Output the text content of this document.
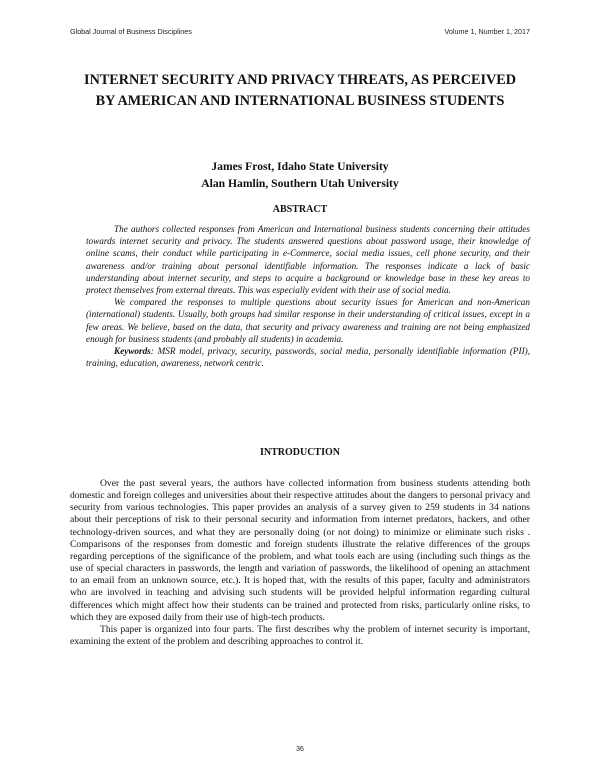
Global Journal of Business Disciplines	Volume 1, Number 1, 2017
INTERNET SECURITY AND PRIVACY THREATS, AS PERCEIVED BY AMERICAN AND INTERNATIONAL BUSINESS STUDENTS
James Frost, Idaho State University
Alan Hamlin, Southern Utah University
ABSTRACT

The authors collected responses from American and International business students concerning their attitudes towards internet security and privacy. The students answered questions about password usage, their knowledge of online scams, their conduct while participating in e-Commerce, social media issues, cell phone security, and their awareness and/or training about personal identifiable information. The responses indicate a lack of basic understanding about internet security, and steps to acquire a background or knowledge base in these key areas to protect themselves from external threats. This was especially evident with their use of social media.

We compared the responses to multiple questions about security issues for American and non-American (international) students. Usually, both groups had similar response in their understanding of critical issues, except in a few areas. We believe, based on the data, that security and privacy awareness and training are not being emphasized enough for business students (and probably all students) in academia.

Keywords: MSR model, privacy, security, passwords, social media, personally identifiable information (PII), training, education, awareness, network centric.

INTRODUCTION

Over the past several years, the authors have collected information from business students attending both domestic and foreign colleges and universities about their respective attitudes about the dangers to personal privacy and security from various technologies. This paper provides an analysis of a survey given to 259 students in 34 nations about their perceptions of risk to their personal security and information from internet predators, hackers, and other technology-driven sources, and what they are personally doing (or not doing) to minimize or eliminate such risks . Comparisons of the responses from domestic and foreign students illustrate the relative differences of the groups regarding perceptions of the significance of the problem, and what tools each are using (including such things as the use of special characters in passwords, the length and variation of passwords, the likelihood of opening an attachment to an email from an unknown source, etc.). It is hoped that, with the results of this paper, faculty and administrators who are involved in teaching and advising such students will be provided helpful information regarding cultural differences which might affect how their students can be trained and protected from risks, particularly online risks, to which they are exposed daily from their use of high-tech products.

This paper is organized into four parts. The first describes why the problem of internet security is important, examining the extent of the problem and describing approaches to control it.

36
